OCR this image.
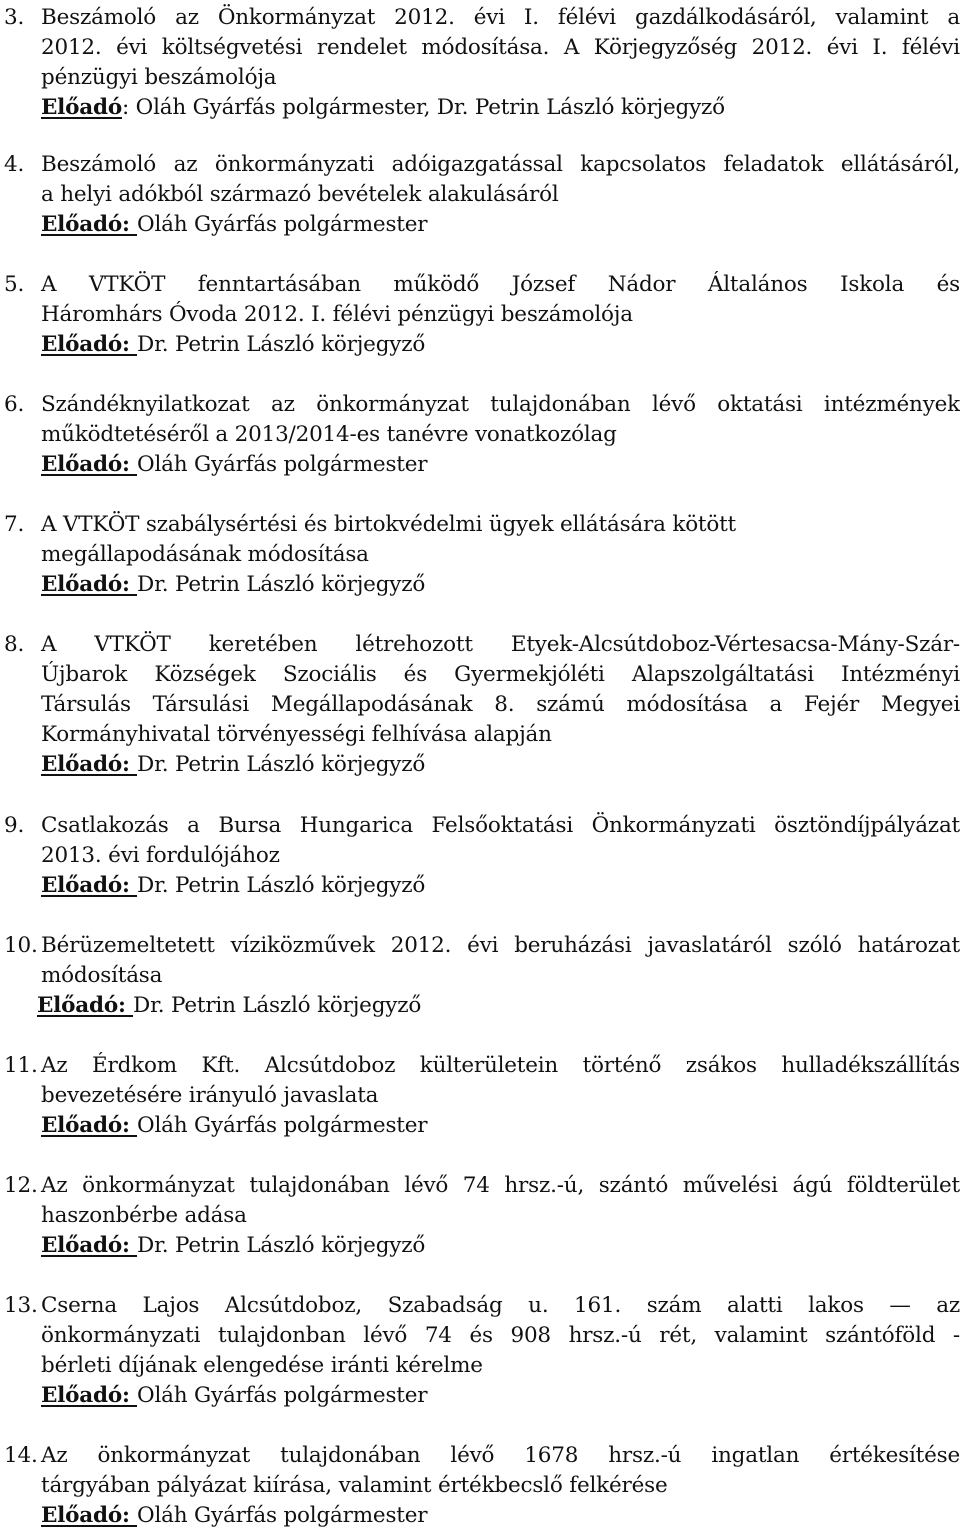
3. Beszámoló az Önkormányzat 2012. évi I. félévi gazdálkodásáról, valamint a
2012. évi költségvetési rendelet módosítása. A Körjegyzőség 2012. évi I. félévi
pénzügyi beszámolója
Előadó: Oláh Gyárfás polgármester, Dr. Petrin László körjegyző
4. Beszámoló az önkormányzati adóigazgatással kapcsolatos feladatok ellátásáról,
a helyi adókból származó bevételek alakulásáról
Előadó: Oláh Gyárfás polgármester
5. A VTKÖT fenntartásában működő József Nádor Általános Iskola és
Háromhárs Óvoda 2012. I. félévi pénzügyi beszámolója
Előadó: Dr. Petrin László körjegyző
6. Szándéknyilatkozat az önkormányzat tulajdonában lévő oktatási intézmények
működtetéséről a 2013/2014-es tanévre vonatkozólag
Előadó: Oláh Gyárfás polgármester
7. A VTKÖT szabálysértési és birtokvédelmi ügyek ellátására kötött
megállapodásának módosítása
Előadó: Dr. Petrin László körjegyző
8. A VTKÖT keretében létrehozott Etyek-Alcsútdoboz-Vértesacsa-Mány-Szár-
Újbarok Községek Szociális és Gyermekjóléti Alapszolgáltatási Intézményi
Társulás Társulási Megállapodásának 8. számú módosítása a Fejér Megyei
Kormányhivatal törvényességi felhívása alapján
Előadó: Dr. Petrin László körjegyző
9. Csatlakozás a Bursa Hungarica Felsőoktatási Önkormányzati ösztöndíjpályázat
2013. évi fordulójához
Előadó: Dr. Petrin László körjegyző
10. Bérüzemeltetett víziközművek 2012. évi beruházási javaslatáról szóló határozat
módosítása
Előadó: Dr. Petrin László körjegyző
11. Az Érdkom Kft. Alcsútdoboz külterületein történő zsákos hulladékszállítás
bevezetésére irányuló javaslata
Előadó: Oláh Gyárfás polgármester
12. Az önkormányzat tulajdonában lévő 74 hrsz.-ú, szántó művelési ágú földterület
haszonbérbe adása
Előadó: Dr. Petrin László körjegyző
13. Cserna Lajos Alcsútdoboz, Szabadság u. 161. szám alatti lakos — az
önkormányzati tulajdonban lévő 74 és 908 hrsz.-ú rét, valamint szántóföld -
bérleti díjának elengedése iránti kérelme
Előadó: Oláh Gyárfás polgármester
14. Az önkormányzat tulajdonában lévő 1678 hrsz.-ú ingatlan értékesítése
tárgyában pályázat kiírása, valamint értékbecslő felkérése
Előadó: Oláh Gyárfás polgármester
